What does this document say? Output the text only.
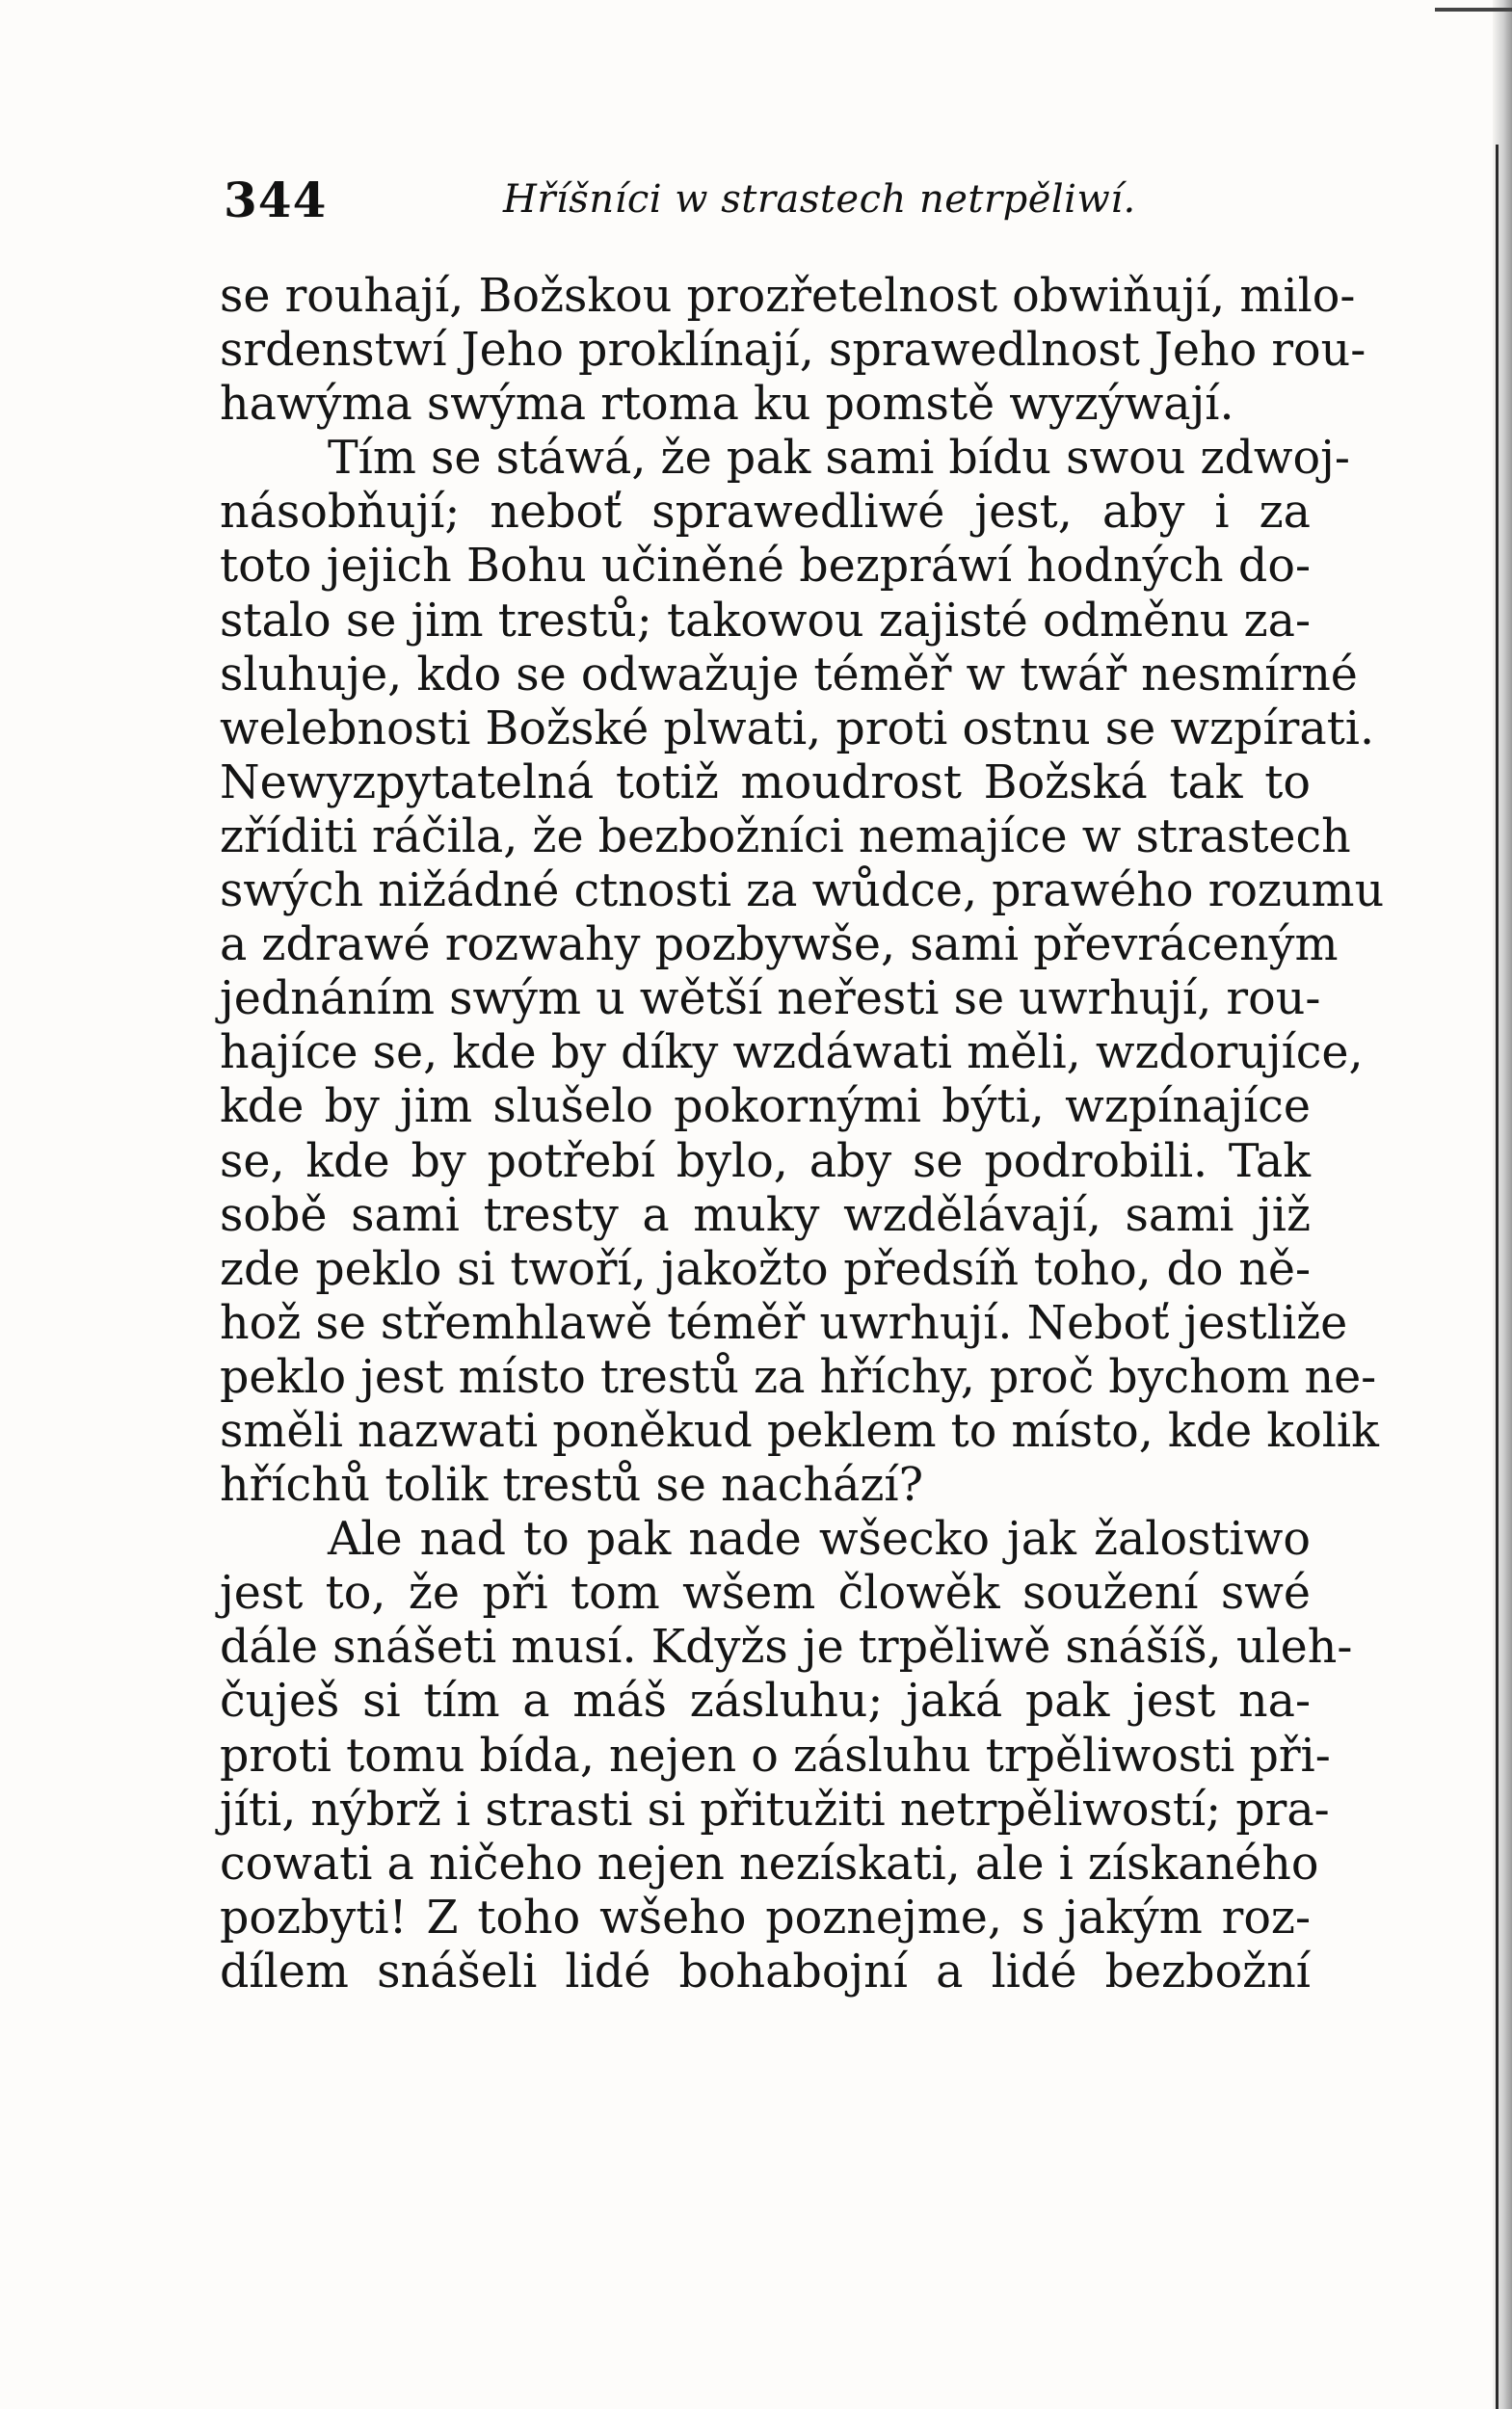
344	Hříšníci w strastech netrpěliwí.
se rouhají, Božskou prozřetelnost obwiňují, milo-
srdenstwí Jeho proklínají, sprawedlnost Jeho rou-
hawýma swýma rtoma ku pomstě wyzýwají.
Tím se stáwá, že pak sami bídu swou zdwoj-
násobňují; neboť sprawedliwé jest, aby i za
toto jejich Bohu učiněné bezpráwí hodných do-
stalo se jim trestů; takowou zajisté odměnu za-
sluhuje, kdo se odwažuje téměř w twář nesmírné
welebnosti Božské plwati, proti ostnu se wzpírati.
Newyzpytatelná totiž moudrost Božská tak to
zříditi ráčila, že bezbožníci nemajíce w strastech
swých nižádné ctnosti za wůdce, prawého rozumu
a zdrawé rozwahy pozbywše, sami převráceným
jednáním swým u wětší neřesti se uwrhují, rou-
hajíce se, kde by díky wzdáwati měli, wzdorujíce,
kde by jim slušelo pokornými býti, wzpínajíce
se, kde by potřebí bylo, aby se podrobili. Tak
sobě sami tresty a muky wzdělávají, sami již
zde peklo si twoří, jakožto předsíň toho, do ně-
hož se střemhlawě téměř uwrhují. Neboť jestliže
peklo jest místo trestů za hříchy, proč bychom ne-
směli nazwati poněkud peklem to místo, kde kolik
hříchů tolik trestů se nachází?
Ale nad to pak nade wšecko jak žalostiwo
jest to, že při tom wšem člowěk soužení swé
dále snášeti musí. Kdyžs je trpěliwě snášíš, uleh-
čuješ si tím a máš zásluhu; jaká pak jest na-
proti tomu bída, nejen o zásluhu trpěliwosti při-
jíti, nýbrž i strasti si přitužiti netrpěliwostí; pra-
cowati a ničeho nejen nezískati, ale i získaného
pozbyti! Z toho wšeho poznejme, s jakým roz-
dílem snášeli lidé bohabojní a lidé bezbožní
